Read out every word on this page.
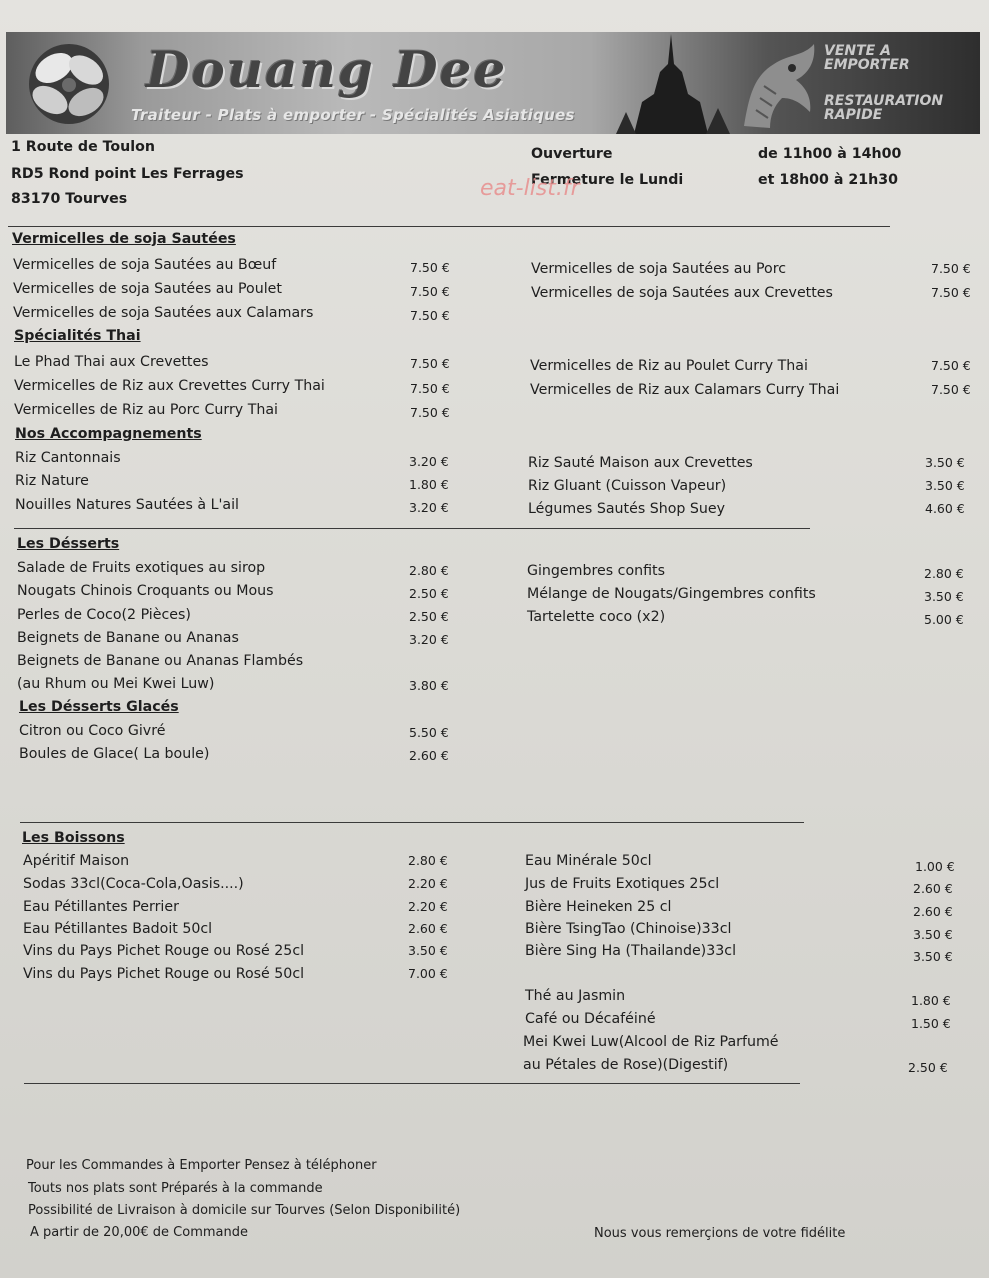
Douang Dee
Traiteur - Plats à emporter - Spécialités Asiatiques
VENTE A EMPORTER
RESTAURATION RAPIDE
1 Route de Toulon
RD5 Rond point Les Ferrages
83170 Tourves
Ouverture
Fermeture le Lundi
de 11h00 à 14h00
et 18h00 à 21h30
eat-list.fr
Vermicelles de soja Sautées
Vermicelles de soja Sautées au Bœuf	7.50 €
Vermicelles de soja Sautées au Poulet	7.50 €
Vermicelles de soja Sautées aux Calamars	7.50 €
Vermicelles de soja Sautées au Porc	7.50 €
Vermicelles de soja Sautées aux Crevettes	7.50 €
Spécialités Thai
Le Phad Thai aux Crevettes	7.50 €
Vermicelles de Riz aux Crevettes Curry Thai	7.50 €
Vermicelles de Riz au Porc Curry Thai	7.50 €
Vermicelles de Riz au Poulet Curry Thai	7.50 €
Vermicelles de Riz aux Calamars Curry Thai	7.50 €
Nos Accompagnements
Riz Cantonnais	3.20 €
Riz Nature	1.80 €
Nouilles Natures Sautées à L'ail	3.20 €
Riz Sauté Maison aux Crevettes	3.50 €
Riz Gluant (Cuisson Vapeur)	3.50 €
Légumes Sautés Shop Suey	4.60 €
Les Désserts
Salade de Fruits exotiques au sirop	2.80 €
Nougats Chinois Croquants ou Mous	2.50 €
Perles de Coco(2 Pièces)	2.50 €
Beignets de Banane ou Ananas	3.20 €
Beignets de Banane ou Ananas Flambés
(au Rhum ou Mei Kwei Luw)	3.80 €
Gingembres confits	2.80 €
Mélange de Nougats/Gingembres confits	3.50 €
Tartelette coco (x2)	5.00 €
Les Désserts Glacés
Citron ou Coco Givré	5.50 €
Boules de Glace( La boule)	2.60 €
Les Boissons
Apéritif Maison	2.80 €
Sodas 33cl(Coca-Cola,Oasis....)	2.20 €
Eau Pétillantes Perrier	2.20 €
Eau Pétillantes Badoit 50cl	2.60 €
Vins du Pays Pichet Rouge ou Rosé 25cl	3.50 €
Vins du Pays Pichet Rouge ou Rosé 50cl	7.00 €
Eau Minérale 50cl	1.00 €
Jus de Fruits Exotiques 25cl	2.60 €
Bière Heineken 25 cl	2.60 €
Bière TsingTao (Chinoise)33cl	3.50 €
Bière Sing Ha (Thailande)33cl	3.50 €
Thé au Jasmin	1.80 €
Café ou Décaféiné	1.50 €
Mei Kwei Luw(Alcool de Riz Parfumé
au Pétales de Rose)(Digestif)	2.50 €
Pour les Commandes à Emporter Pensez à téléphoner
Touts nos plats sont Préparés à la commande
Possibilité de Livraison à domicile sur Tourves (Selon Disponibilité)
A partir de 20,00€ de Commande	Nous vous remerçions de votre fidélite
